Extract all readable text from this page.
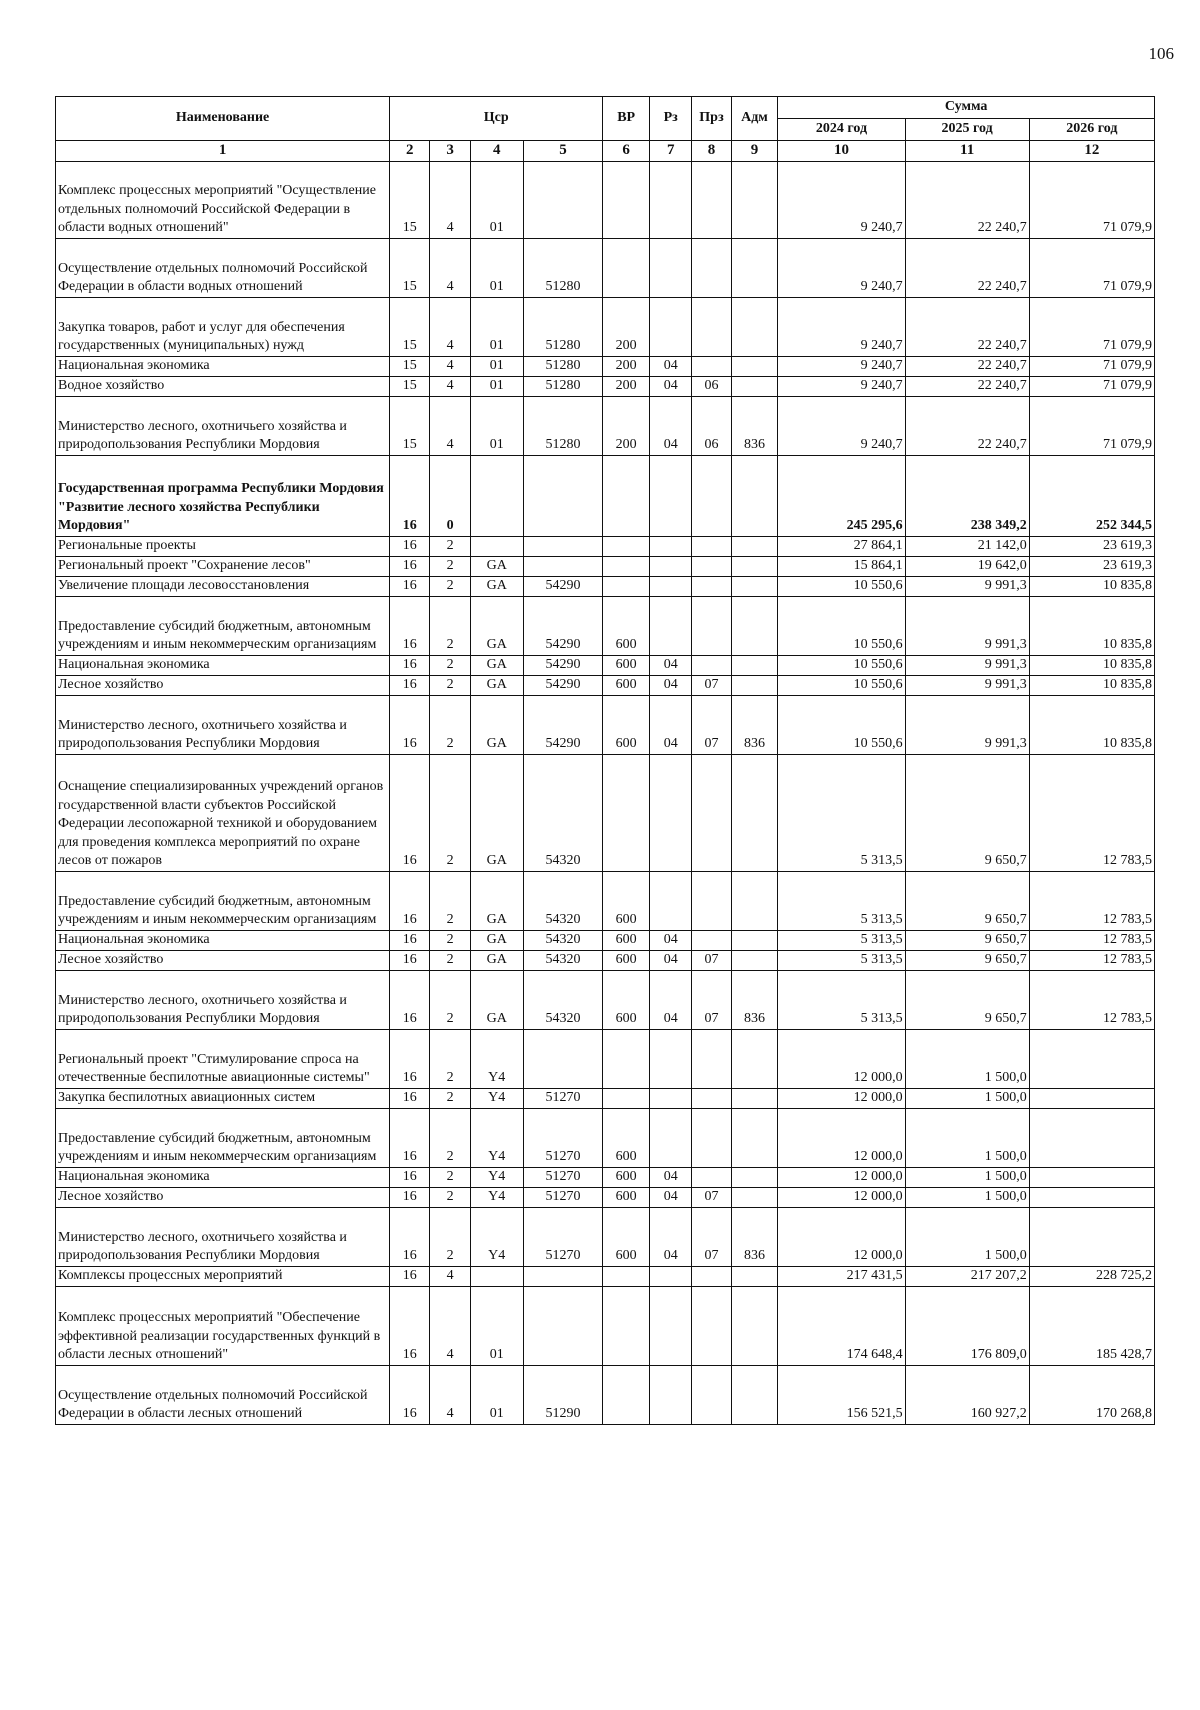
106
Наименование	Цср				ВР	Рз	Прз	Адм	Сумма		
									2024 год	2025 год	2026 год
1	2	3	4	5	6	7	8	9	10	11	12
Комплекс процессных мероприятий "Осуществление отдельных полномочий Российской Федерации в области водных отношений"	15	4	01						9 240,7	22 240,7	71 079,9
Осуществление отдельных полномочий Российской Федерации в области водных отношений	15	4	01	51280					9 240,7	22 240,7	71 079,9
Закупка товаров, работ и услуг для обеспечения государственных (муниципальных) нужд	15	4	01	51280	200				9 240,7	22 240,7	71 079,9
Национальная экономика	15	4	01	51280	200	04			9 240,7	22 240,7	71 079,9
Водное хозяйство	15	4	01	51280	200	04	06		9 240,7	22 240,7	71 079,9
Министерство лесного, охотничьего хозяйства и природопользования Республики Мордовия	15	4	01	51280	200	04	06	836	9 240,7	22 240,7	71 079,9
Государственная программа Республики Мордовия "Развитие лесного хозяйства Республики Мордовия"	16	0							245 295,6	238 349,2	252 344,5
Региональные проекты	16	2							27 864,1	21 142,0	23 619,3
Региональный проект "Сохранение лесов"	16	2	GA						15 864,1	19 642,0	23 619,3
Увеличение площади лесовосстановления	16	2	GA	54290					10 550,6	9 991,3	10 835,8
Предоставление субсидий бюджетным, автономным учреждениям и иным некоммерческим организациям	16	2	GA	54290	600				10 550,6	9 991,3	10 835,8
Национальная экономика	16	2	GA	54290	600	04			10 550,6	9 991,3	10 835,8
Лесное хозяйство	16	2	GA	54290	600	04	07		10 550,6	9 991,3	10 835,8
Министерство лесного, охотничьего хозяйства и природопользования Республики Мордовия	16	2	GA	54290	600	04	07	836	10 550,6	9 991,3	10 835,8
Оснащение специализированных учреждений органов государственной власти субъектов Российской Федерации лесопожарной техникой и оборудованием для проведения комплекса мероприятий по охране лесов от пожаров	16	2	GA	54320					5 313,5	9 650,7	12 783,5
Предоставление субсидий бюджетным, автономным учреждениям и иным некоммерческим организациям	16	2	GA	54320	600				5 313,5	9 650,7	12 783,5
Национальная экономика	16	2	GA	54320	600	04			5 313,5	9 650,7	12 783,5
Лесное хозяйство	16	2	GA	54320	600	04	07		5 313,5	9 650,7	12 783,5
Министерство лесного, охотничьего хозяйства и природопользования Республики Мордовия	16	2	GA	54320	600	04	07	836	5 313,5	9 650,7	12 783,5
Региональный проект "Стимулирование спроса на отечественные беспилотные авиационные системы"	16	2	Y4						12 000,0	1 500,0	
Закупка беспилотных авиационных систем	16	2	Y4	51270					12 000,0	1 500,0	
Предоставление субсидий бюджетным, автономным учреждениям и иным некоммерческим организациям	16	2	Y4	51270	600				12 000,0	1 500,0	
Национальная экономика	16	2	Y4	51270	600	04			12 000,0	1 500,0	
Лесное хозяйство	16	2	Y4	51270	600	04	07		12 000,0	1 500,0	
Министерство лесного, охотничьего хозяйства и природопользования Республики Мордовия	16	2	Y4	51270	600	04	07	836	12 000,0	1 500,0	
Комплексы процессных мероприятий	16	4							217 431,5	217 207,2	228 725,2
Комплекс процессных мероприятий "Обеспечение эффективной реализации государственных функций в области лесных отношений"	16	4	01						174 648,4	176 809,0	185 428,7
Осуществление отдельных полномочий Российской Федерации в области лесных отношений	16	4	01	51290					156 521,5	160 927,2	170 268,8
